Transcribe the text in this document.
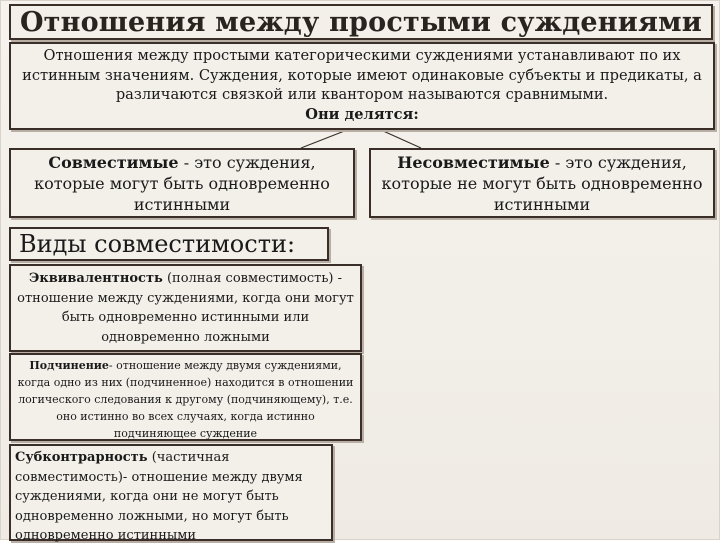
Отношения между простыми суждениями
Отношения между простыми категорическими суждениями устанавливают по их истинным значениям. Суждения, которые имеют одинаковые субъекты и предикаты, а различаются связкой или квантором называются сравнимыми.
Они делятся:
Совместимые - это суждения, которые могут быть одновременно истинными
Несовместимые - это суждения, которые не могут быть одновременно истинными
Виды совместимости:
Эквивалентность (полная совместимость) - отношение между суждениями, когда они могут быть одновременно истинными или одновременно ложными
Подчинение- отношение между двумя суждениями, когда одно из них (подчиненное) находится в отношении логического следования к другому (подчиняющему), т.е. оно истинно во всех случаях, когда истинно подчиняющее суждение
Субконтрарность (частичная совместимость)- отношение между двумя суждениями, когда они не могут быть одновременно ложными, но могут быть одновременно истинными
